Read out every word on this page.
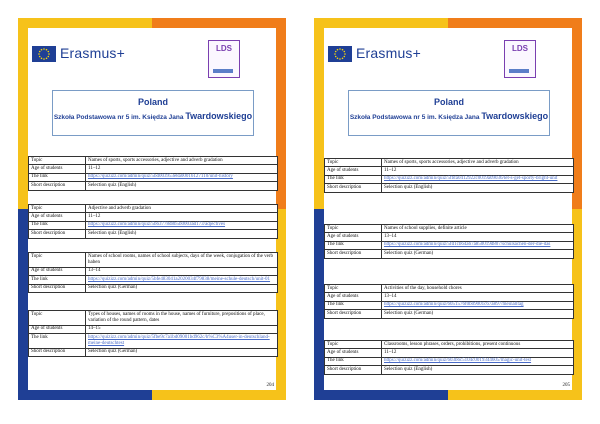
Erasmus+	LDS
Poland
Szkoła Podstawowa nr 5 im. Księdza Jana Twardowskiego
Topic	Names of sports, sports accessories, adjective and adverb gradation
Age of students	11–12
The link	https://quizizz.com/admin/quiz/5bd003953e8a00016127110/unit-history
Short description	Selection quiz (English)
Topic	Adjective and adverb gradation
Age of students	11–12
The link	https://quizizz.com/admin/quiz/5b63778d8b5b0003ad173/adjectives
Short description	Selection quiz (English)
Topic	Names of school rooms, names of school subjects, days of the week, conjugation of the verb haben
Age of students	13–14
The link	https://quizizz.com/admin/quiz/5bfe483041a2020034f79838/meine-schule-deutsch/unit-01
Short description	Selection quiz (German)
Topic	Types of houses, names of rooms in the house, names of furniture, prepositions of place, variation of the round pattern, dates
Age of students	14–15
The link	https://quizizz.com/admin/quiz/5fbe9c7a1bd09001bd962c/h%C3%A4user-in-deutschland-meine-deutschtest
Short description	Selection quiz (German)
204
Erasmus+	LDS
Poland
Szkoła Podstawowa nr 5 im. Księdza Jana Twardowskiego
Topic	Names of sports, sports accessories, adjective and adverb gradation
Age of students	11–12
The link	https://quizizz.com/admin/quiz/5fbfa0412922c0019a09036/let-s-get-sporty-bright-unit
Short description	Selection quiz (English)
Topic	Names of school supplies, definite article
Age of students	13–14
The link	https://quizizz.com/admin/quiz/5fd1cb64a67a850019d807/schulsachen-der-die-das
Short description	Selection quiz (German)
Topic	Activities of the day, household chores
Age of students	13–14
The link	https://quizizz.com/admin/quiz/6051576f0b09001c67a897/meinalltag
Short description	Selection quiz (German)
Topic	Classrooms, lesson phrases, orders, prohibitions, present continuous
Age of students	11–12
The link	https://quizizz.com/admin/quiz/603b6c5104c0019344605/magic-unit-test
Short description	Selection quiz (English)
205
